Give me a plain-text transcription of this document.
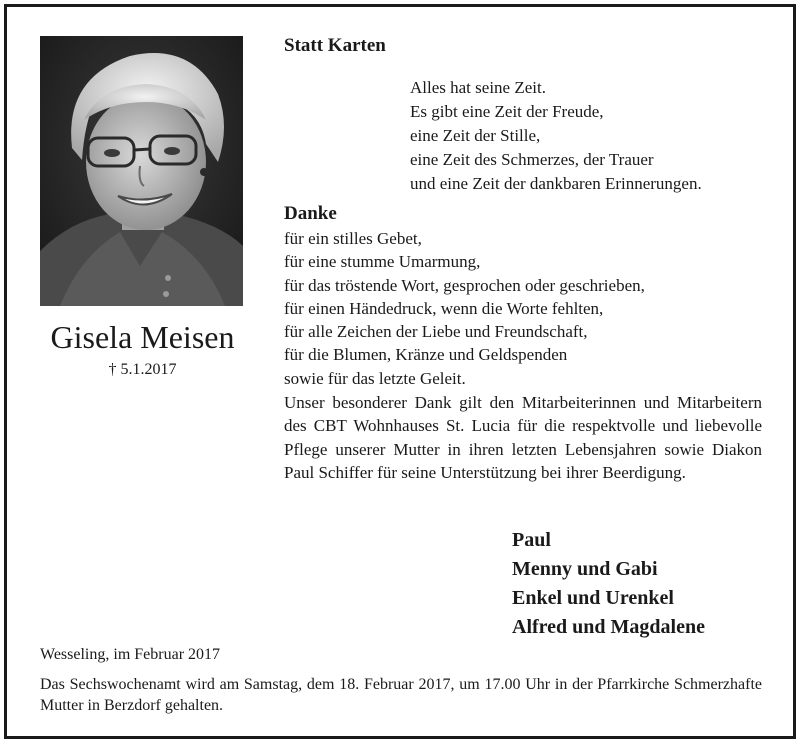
Gisela Meisen
† 5.1.2017
Statt Karten
Alles hat seine Zeit.
Es gibt eine Zeit der Freude,
eine Zeit der Stille,
eine Zeit des Schmerzes, der Trauer
und eine Zeit der dankbaren Erinnerungen.
Danke
für ein stilles Gebet,
für eine stumme Umarmung,
für das tröstende Wort, gesprochen oder geschrieben,
für einen Händedruck, wenn die Worte fehlten,
für alle Zeichen der Liebe und Freundschaft,
für die Blumen, Kränze und Geldspenden
sowie für das letzte Geleit.
Unser besonderer Dank gilt den Mitarbeiterinnen und Mitarbeitern des CBT Wohnhauses St. Lucia für die respektvolle und liebevolle Pflege unserer Mutter in ihren letzten Lebensjahren sowie Diakon Paul Schiffer für seine Unterstützung bei ihrer Beerdigung.
Paul
Menny und Gabi
Enkel und Urenkel
Alfred und Magdalene
Wesseling, im Februar 2017
Das Sechswochenamt wird am Samstag, dem 18. Februar 2017, um 17.00 Uhr in der Pfarrkirche Schmerzhafte Mutter in Berzdorf gehalten.
